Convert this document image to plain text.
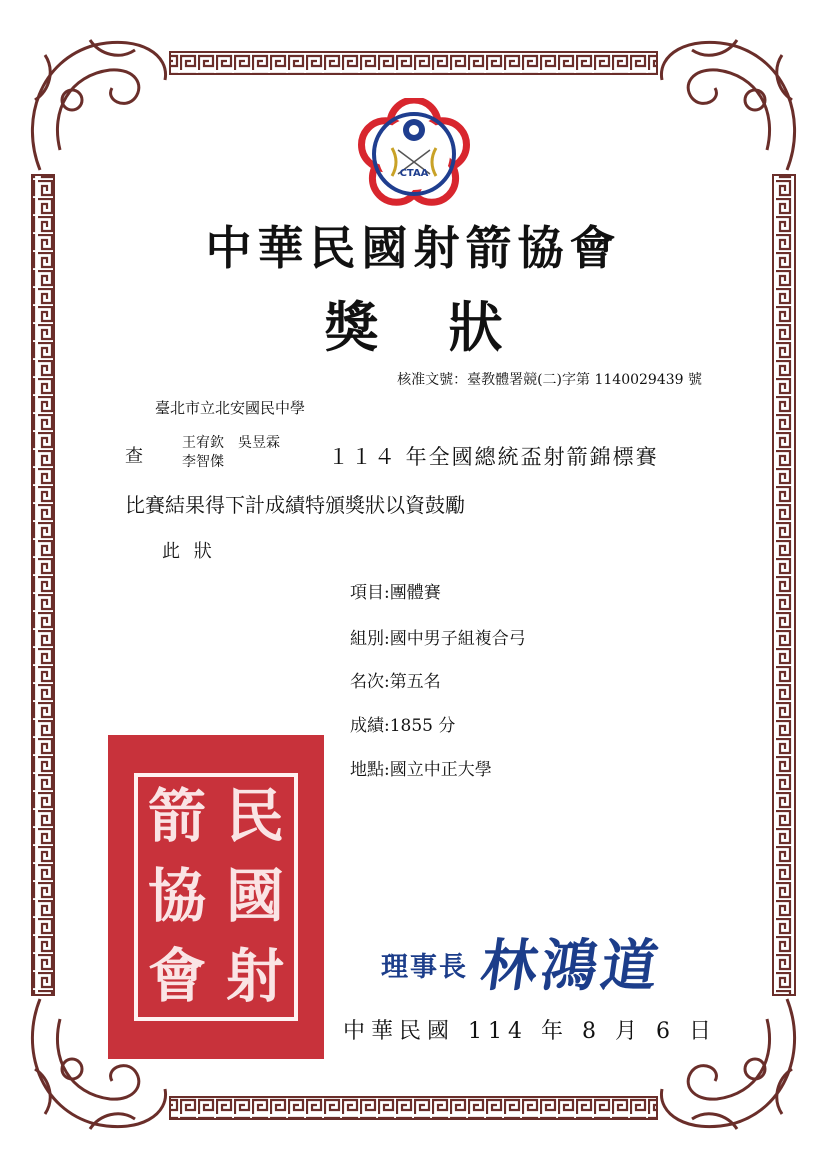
CTAA
中華民國射箭協會
獎狀
核准文號：臺教體署競(二)字第 1140029439 號
臺北市立北安國民中學
查
王宥欽　吳昱霖
李智傑	１１４ 年全國總統盃射箭錦標賽
比賽結果得下計成績特頒獎狀以資鼓勵
此 狀
項目:團體賽
組別:國中男子組複合弓
名次:第五名
成績:1855 分
地點:國立中正大學
箭 民
協 國
會 射	理事長 林鴻道
中華民國 114 年 8 月 6 日
